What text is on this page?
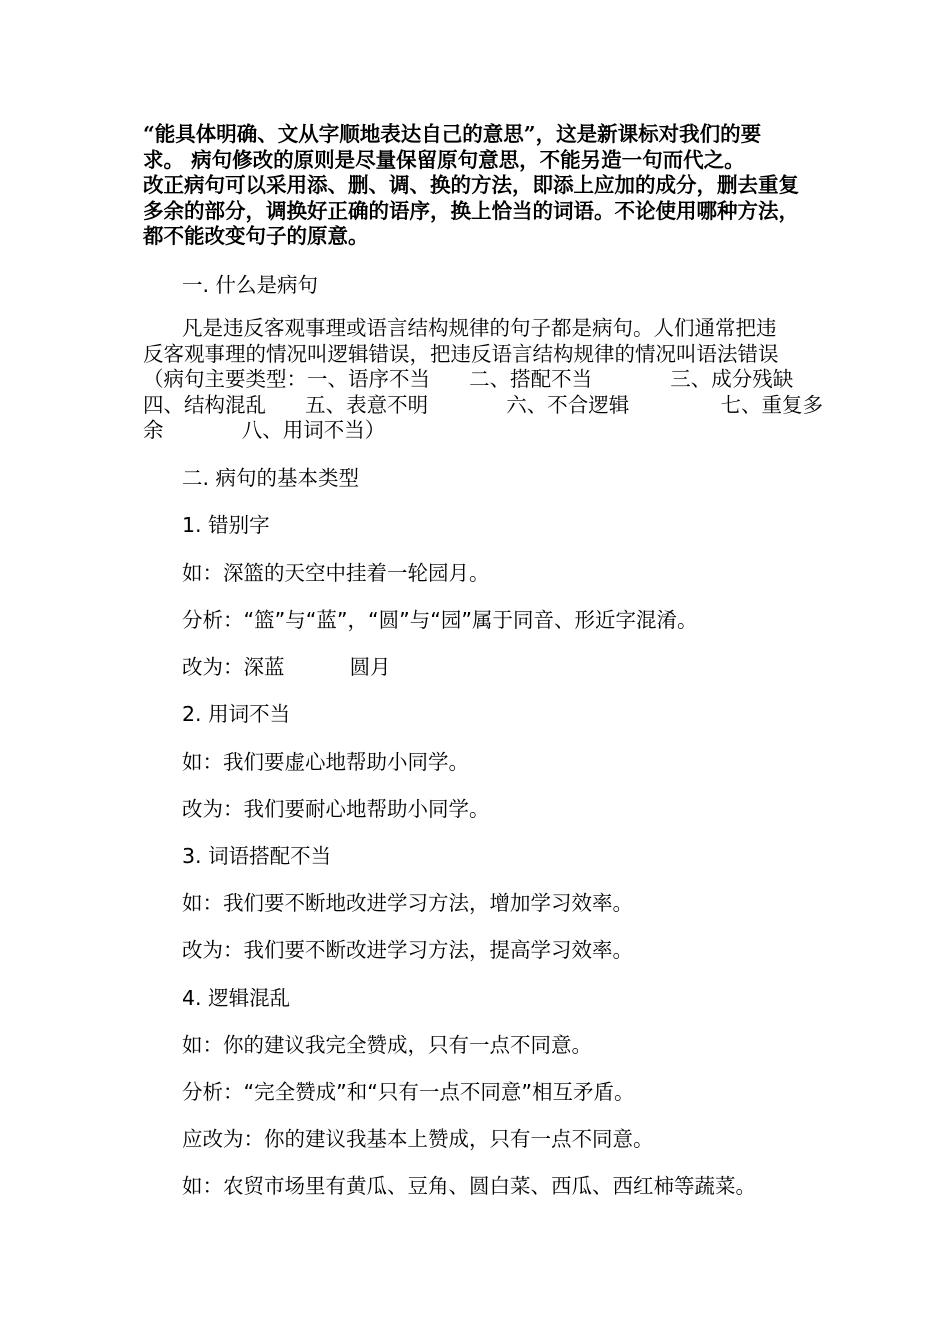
“能具体明确、文从字顺地表达自己的意思”，这是新课标对我们的要
求。 病句修改的原则是尽量保留原句意思，不能另造一句而代之。
改正病句可以采用添、删、调、换的方法，即添上应加的成分，删去重复
多余的部分，调换好正确的语序，换上恰当的词语。不论使用哪种方法，
都不能改变句子的原意。
一. 什么是病句
凡是违反客观事理或语言结构规律的句子都是病句。人们通常把违
反客观事理的情况叫逻辑错误，把违反语言结构规律的情况叫语法错误
（病句主要类型：一、语序不当      二、搭配不当            三、成分残缺
四、结构混乱      五、表意不明            六、不合逻辑              七、重复多
余            八、用词不当）
二. 病句的基本类型
1. 错别字
如：深篮的天空中挂着一轮园月。
分析：“篮”与“蓝”，“圆”与“园”属于同音、形近字混淆。
改为：深蓝          圆月
2. 用词不当
如：我们要虚心地帮助小同学。
改为：我们要耐心地帮助小同学。
3. 词语搭配不当
如：我们要不断地改进学习方法，增加学习效率。
改为：我们要不断改进学习方法，提高学习效率。
4. 逻辑混乱
如：你的建议我完全赞成，只有一点不同意。
分析：“完全赞成”和“只有一点不同意”相互矛盾。
应改为：你的建议我基本上赞成，只有一点不同意。
如：农贸市场里有黄瓜、豆角、圆白菜、西瓜、西红柿等蔬菜。
